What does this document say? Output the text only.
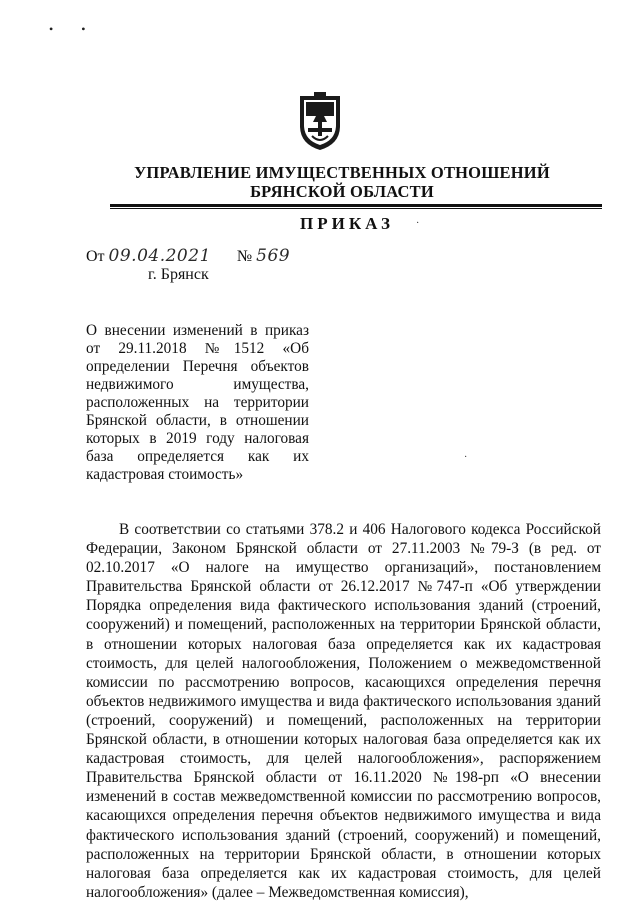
••
УПРАВЛЕНИЕ ИМУЩЕСТВЕННЫХ ОТНОШЕНИЙ
БРЯНСКОЙ ОБЛАСТИ
ПРИКАЗ ·
От 09.04.2021 № 569
г. Брянск
О внесении изменений в приказ от 29.11.2018 №1512 «Об определении Перечня объектов недвижимого имущества, расположенных на территории Брянской области, в отношении которых в 2019 году налоговая база определяется как их кадастровая стоимость»
·

В соответствии со статьями 378.2 и 406 Налогового кодекса Российской Федерации, Законом Брянской области от 27.11.2003 №79-З (в ред. от 02.10.2017 «О налоге на имущество организаций», постановлением Правительства Брянской области от 26.12.2017 №747-п «Об утверждении Порядка определения вида фактического использования зданий (строений, сооружений) и помещений, расположенных на территории Брянской области, в отношении которых налоговая база определяется как их кадастровая стоимость, для целей налогообложения, Положением о межведомственной комиссии по рассмотрению вопросов, касающихся определения перечня объектов недвижимого имущества и вида фактического использования зданий (строений, сооружений) и помещений, расположенных на территории Брянской области, в отношении которых налоговая база определяется как их кадастровая стоимость, для целей налогообложения», распоряжением Правительства Брянской области от 16.11.2020 №198-рп «О внесении изменений в состав межведомственной комиссии по рассмотрению вопросов, касающихся определения перечня объектов недвижимого имущества и вида фактического использования зданий (строений, сооружений) и помещений, расположенных на территории Брянской области, в отношении которых налоговая база определяется как их кадастровая стоимость, для целей налогообложения» (далее – Межведомственная комиссия),
